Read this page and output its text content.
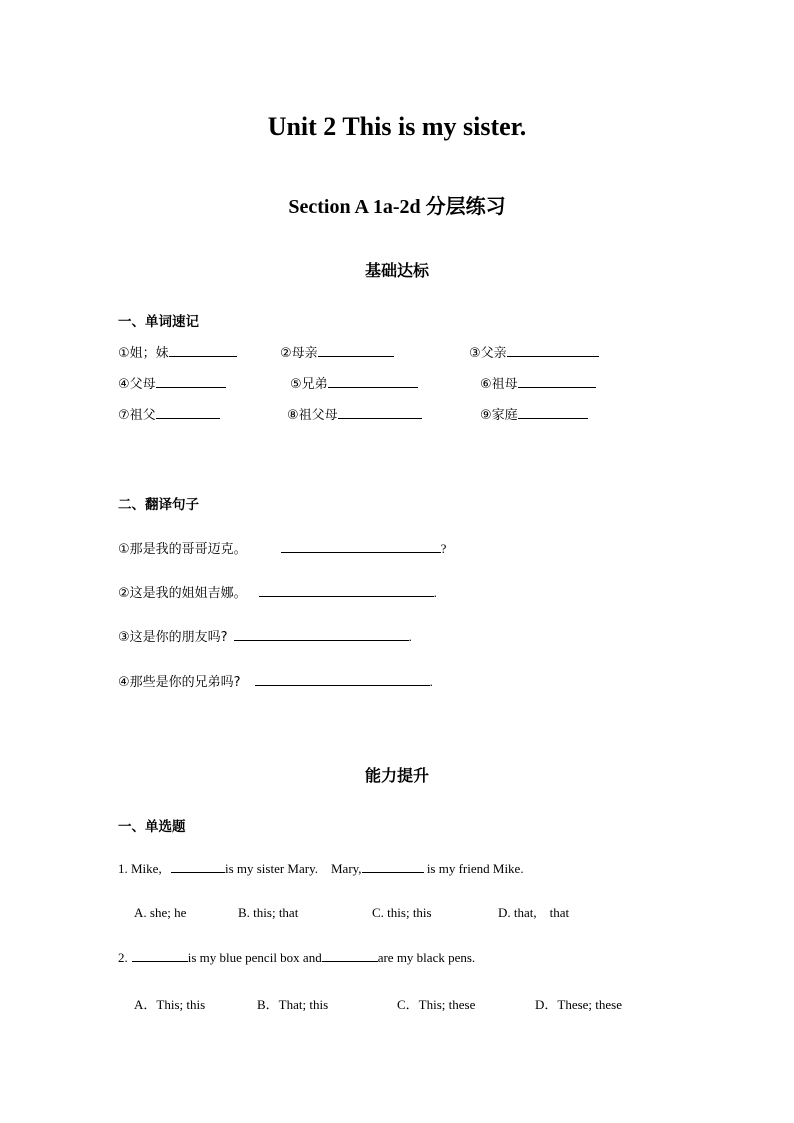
Unit 2 This is my sister.
Section A 1a-2d 分层练习
基础达标
一、单词速记
①姐；妹	②母亲	③父亲
④父母	⑤兄弟	⑥祖母
⑦祖父	⑧祖父母	⑨家庭
二、翻译句子
①那是我的哥哥迈克。	?
②这是我的姐姐吉娜。	.
③这是你的朋友吗?	.
④那些是你的兄弟吗?	.
能力提升
一、单选题
1. Mike,	is my sister Mary.    Mary,	is my friend Mike.
A. she; he	B. this; that	C. this; this	D. that,    that
2.	is my blue pencil box and	are my black pens.
A．This; this	B．That; this	C．This; these	D．These; these
